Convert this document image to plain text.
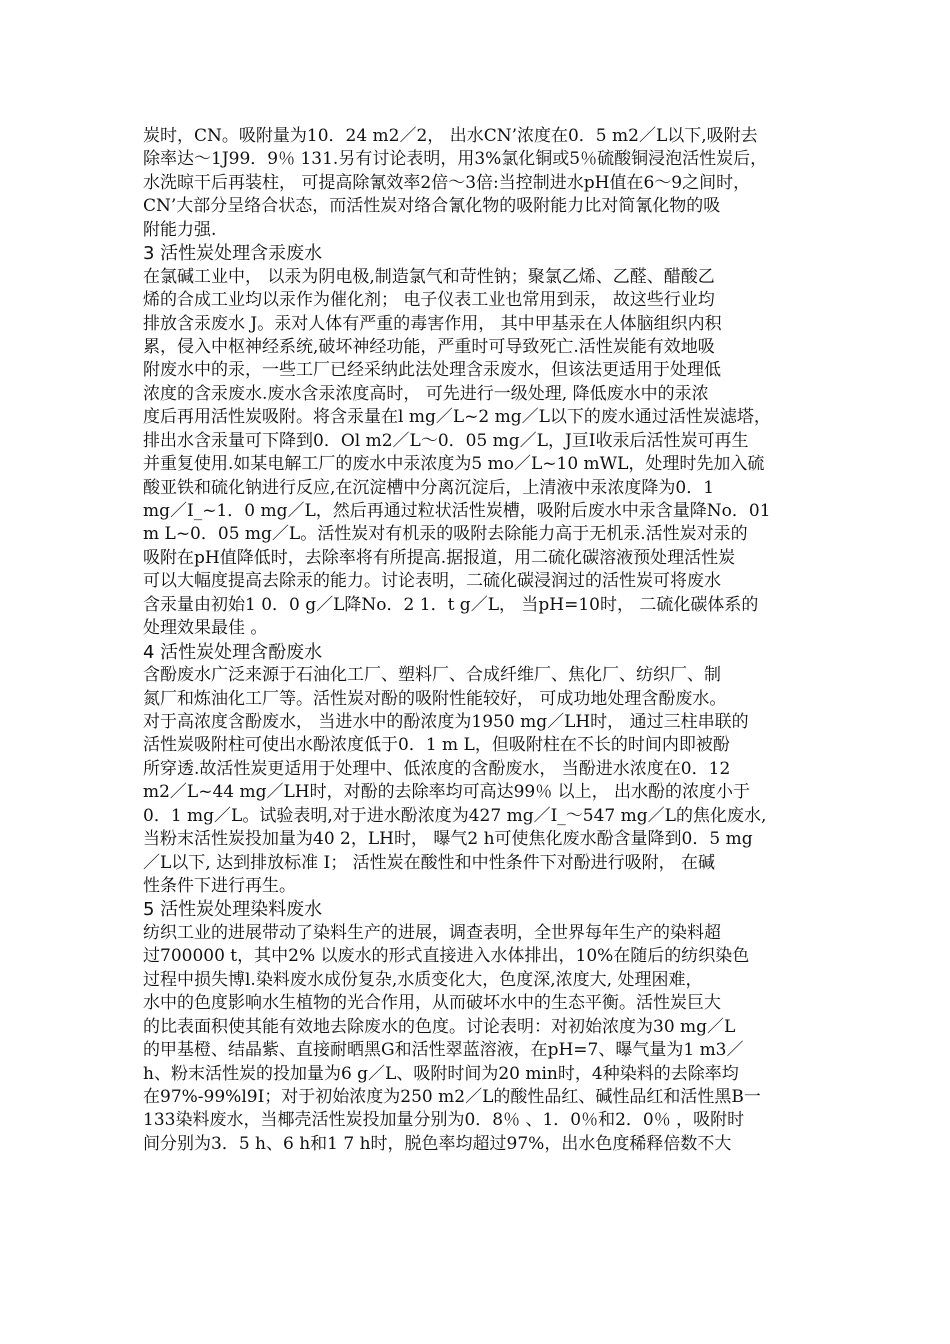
炭时，CN。吸附量为10．24 m2／2， 出水CN’浓度在0．5 m2／L以下,吸附去
除率达～1J99．9％ 131.另有讨论表明，用3%氯化铜或5％硫酸铜浸泡活性炭后，
水洗晾干后再装柱， 可提高除氰效率2倍～3倍:当控制进水pH值在6～9之间时，
CN’大部分呈络合状态，而活性炭对络合氰化物的吸附能力比对简氰化物的吸
附能力强.
3 活性炭处理含汞废水
在氯碱工业中， 以汞为阴电极,制造氯气和苛性钠；聚氯乙烯、乙醛、醋酸乙
烯的合成工业均以汞作为催化剂； 电子仪表工业也常用到汞， 故这些行业均
排放含汞废水 J。汞对人体有严重的毒害作用， 其中甲基汞在人体脑组织内积
累，侵入中枢神经系统,破坏神经功能，严重时可导致死亡.活性炭能有效地吸
附废水中的汞，一些工厂已经采纳此法处理含汞废水，但该法更适用于处理低
浓度的含汞废水.废水含汞浓度高时， 可先进行一级处理, 降低废水中的汞浓
度后再用活性炭吸附。将含汞量在l mg／L~2 mg／L以下的废水通过活性炭滤塔，
排出水含汞量可下降到0．Ol m2／L～0．05 mg／L，J亘I收汞后活性炭可再生
并重复使用.如某电解工厂的废水中汞浓度为5 mo／L~10 mWL，处理时先加入硫
酸亚铁和硫化钠进行反应,在沉淀槽中分离沉淀后，上清液中汞浓度降为0．1
mg／I_~1．0 mg／L，然后再通过粒状活性炭槽，吸附后废水中汞含量降No．01
m L~0．05 mg／L。活性炭对有机汞的吸附去除能力高于无机汞.活性炭对汞的
吸附在pH值降低时，去除率将有所提高.据报道，用二硫化碳溶液预处理活性炭
可以大幅度提高去除汞的能力。讨论表明，二硫化碳浸润过的活性炭可将废水
含汞量由初始1 0．0 g／L降No．2 1．t g／L， 当pH=10时， 二硫化碳体系的
处理效果最佳 。
4 活性炭处理含酚废水
含酚废水广泛来源于石油化工厂、塑料厂、合成纤维厂、焦化厂、纺织厂、制
氮厂和炼油化工厂等。活性炭对酚的吸附性能较好， 可成功地处理含酚废水。
对于高浓度含酚废水， 当进水中的酚浓度为1950 mg／LH时， 通过三柱串联的
活性炭吸附柱可使出水酚浓度低于0．1 m L，但吸附柱在不长的时间内即被酚
所穿透.故活性炭更适用于处理中、低浓度的含酚废水， 当酚进水浓度在0．12
m2／L~44 mg／LH时，对酚的去除率均可高达99％ 以上， 出水酚的浓度小于
0．1 mg／L。试验表明,对于进水酚浓度为427 mg／I_～547 mg／L的焦化废水,
当粉末活性炭投加量为40 2，LH时， 曝气2 h可使焦化废水酚含量降到0．5 mg
／L以下, 达到排放标准 I； 活性炭在酸性和中性条件下对酚进行吸附， 在碱
性条件下进行再生。
5 活性炭处理染料废水
纺织工业的进展带动了染料生产的进展，调查表明，全世界每年生产的染料超
过700000 t，其中2% 以废水的形式直接进入水体排出，10%在随后的纺织染色
过程中损失博l.染料废水成份复杂,水质变化大，色度深,浓度大, 处理困难，
水中的色度影响水生植物的光合作用，从而破坏水中的生态平衡。活性炭巨大
的比表面积使其能有效地去除废水的色度。讨论表明：对初始浓度为30 mg／L
的甲基橙、结晶紫、直接耐晒黑G和活性翠蓝溶液，在pH=7、曝气量为1 m3／
h、粉末活性炭的投加量为6 g／L、吸附时间为20 min时，4种染料的去除率均
在97%-99%l9I；对于初始浓度为250 m2／L的酸性品红、碱性品红和活性黑B一
133染料废水，当椰壳活性炭投加量分别为0．8％ 、1．0％和2．0％ ，吸附时
间分别为3．5 h、6 h和1 7 h时，脱色率均超过97%，出水色度稀释倍数不大
